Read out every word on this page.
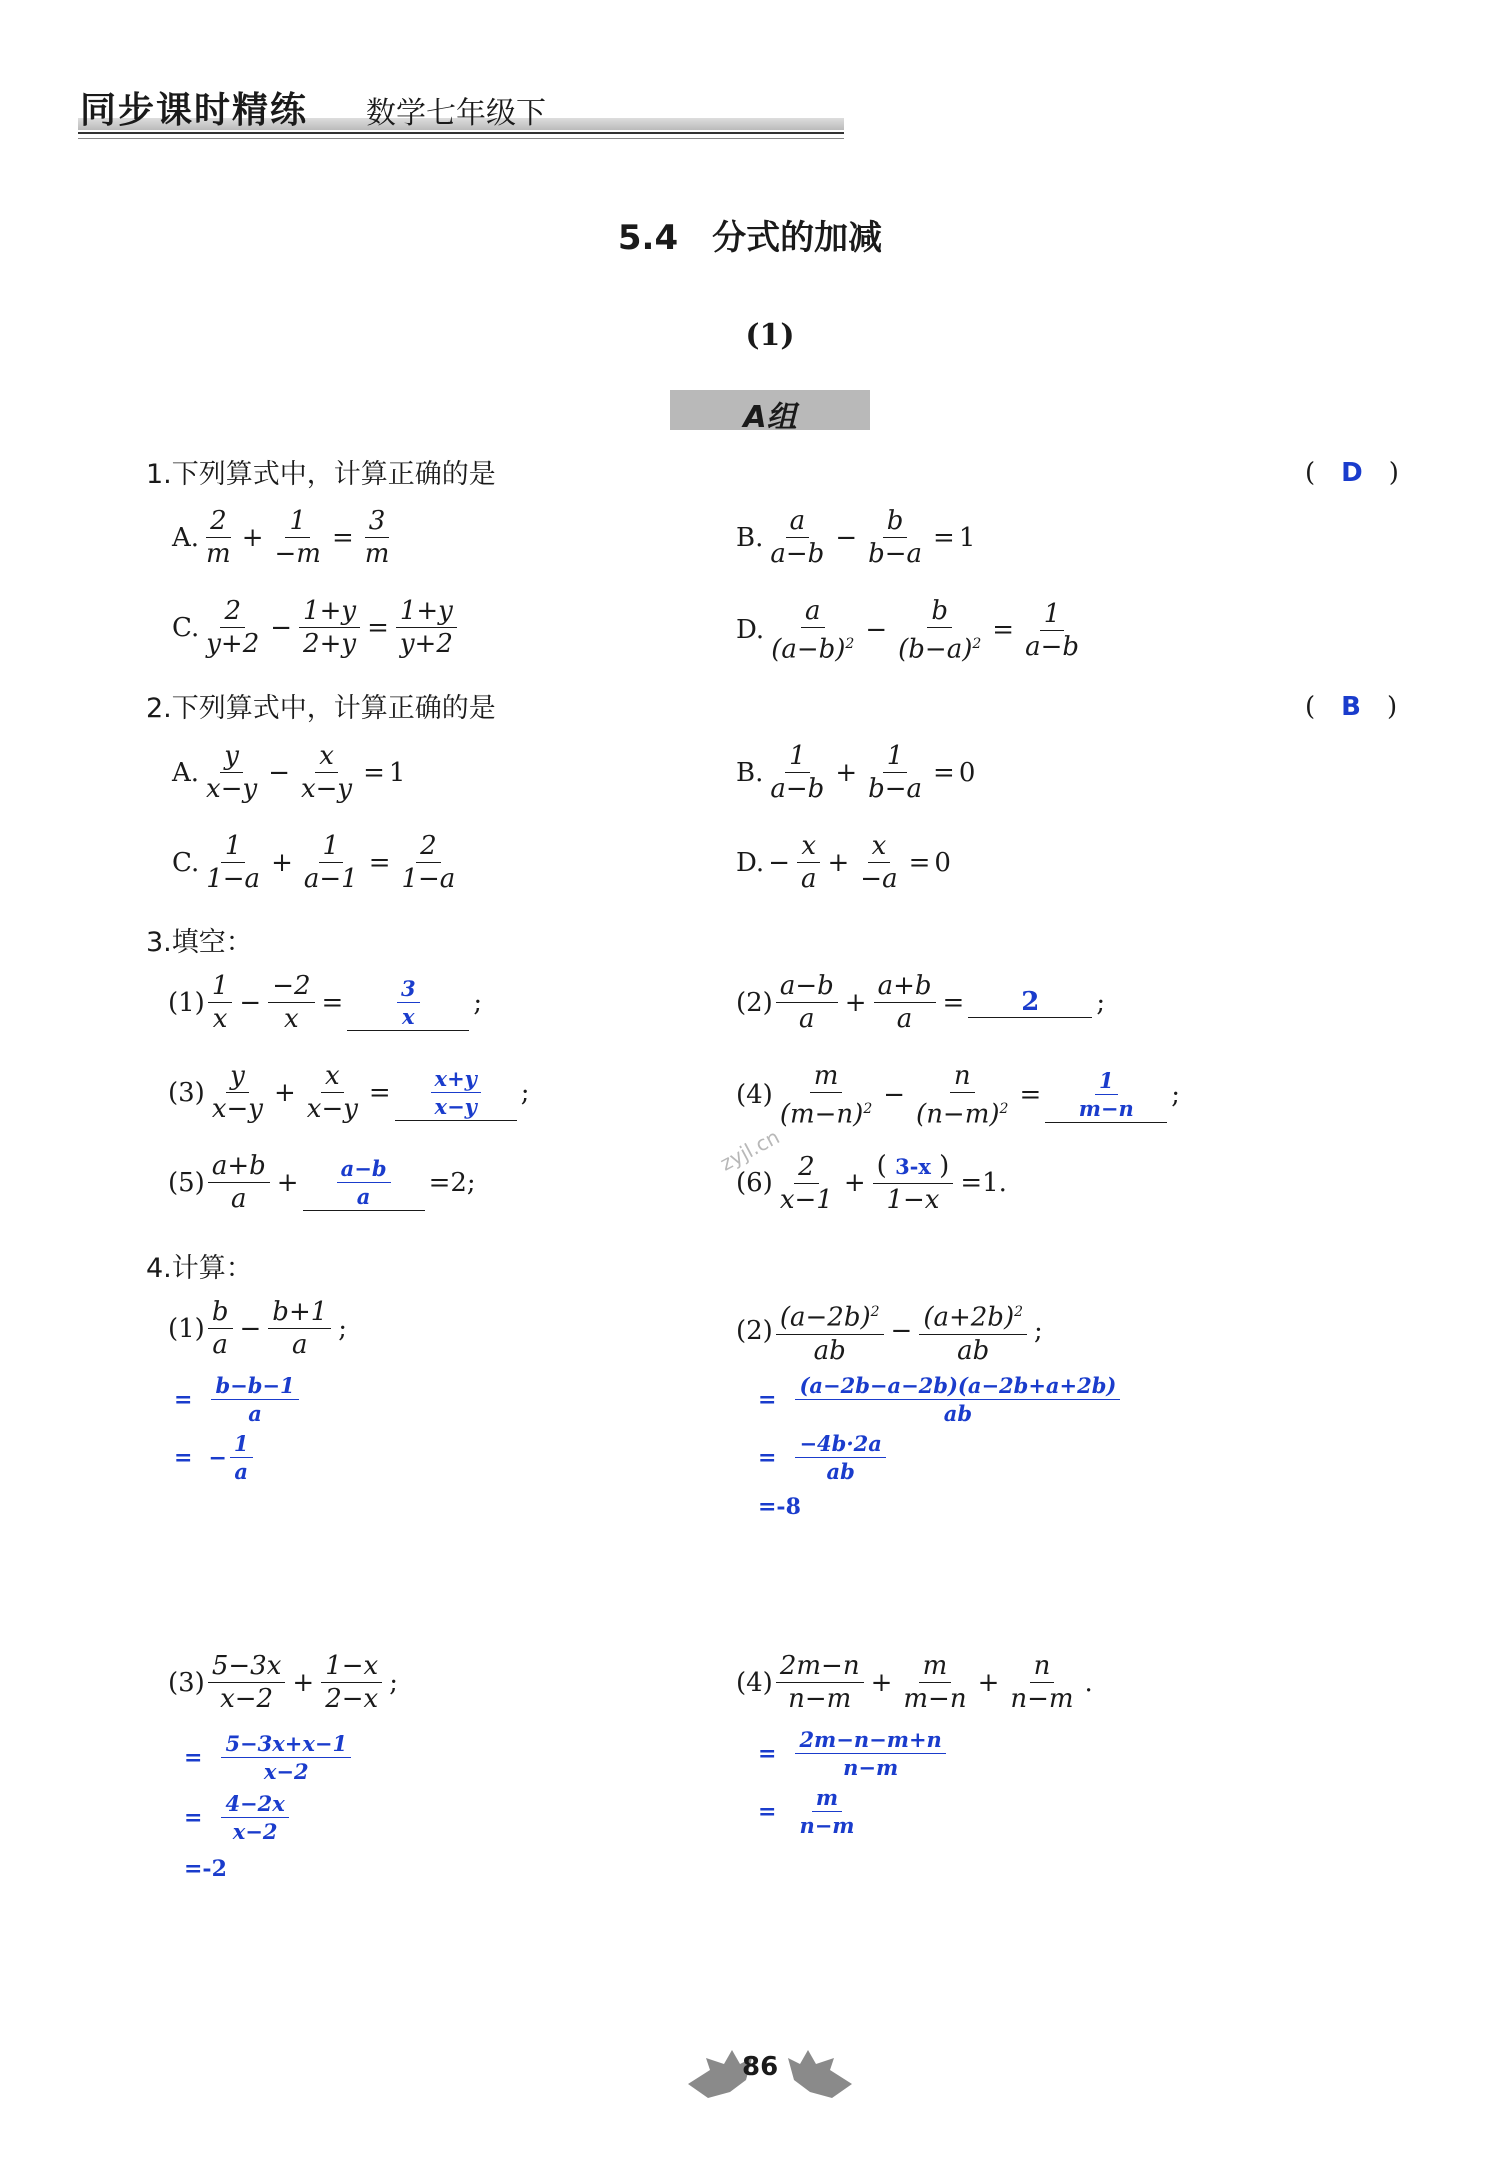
同步课时精练 数学七年级下
5.4　分式的加减
(1)
A组
1.下列算式中，计算正确的是	(　D　)
A. $\frac{2}{m} + \frac{1}{-m} = \frac{3}{m}$	B. $\frac{a}{a-b} - \frac{b}{b-a} = 1$
C. $\frac{2}{y+2} - \frac{1+y}{2+y} = \frac{1+y}{y+2}$	D. $\frac{a}{(a-b)^2} - \frac{b}{(b-a)^2} = \frac{1}{a-b}$
2.下列算式中，计算正确的是	(　B　)
A. $\frac{y}{x-y} - \frac{x}{x-y} = 1$	B. $\frac{1}{a-b} + \frac{1}{b-a} = 0$
C. $\frac{1}{1-a} + \frac{1}{a-1} = \frac{2}{1-a}$	D. − $\frac{x}{a} + \frac{x}{-a} = 0$
3.填空：
$(1) \frac{1}{x} - \frac{-2}{x}$ =	$\frac{3}{x}$ ;	$(2) \frac{a-b}{a} + \frac{a+b}{a}$ =	2	;
$(3) \frac{y}{x-y} + \frac{x}{x-y} = \frac{x+y}{x-y}$ ;	$(4) \frac{m}{(m-n)^2} - \frac{n}{(n-m)^2} = \frac{1}{m-n}$ ;
$(5) \frac{a+b}{a} + \frac{a-b}{a} =2$;	$(6) \frac{2}{x-1} + \frac{( 3-x )}{1-x} =1$.
zyjl.cn
4.计算：
$(1) \frac{b}{a} - \frac{b+1}{a}$ ;
= $\frac{b-b-1}{a}$
= − $\frac{1}{a}$
$(2) \frac{(a-2b)^2}{ab} - \frac{(a+2b)^2}{ab}$ ;
= $\frac{(a-2b-a-2b)(a-2b+a+2b)}{ab}$
= $\frac{-4b\cdot 2a}{ab}$
=-8
$(3) \frac{5-3x}{x-2} + \frac{1-x}{2-x}$ ;
= $\frac{5-3x+x-1}{x-2}$
= $\frac{4-2x}{x-2}$
=-2
$(4) \frac{2m-n}{n-m} + \frac{m}{m-n} + \frac{n}{n-m}$ .
= $\frac{2m-n-m+n}{n-m}$
= $\frac{m}{n-m}$
86
